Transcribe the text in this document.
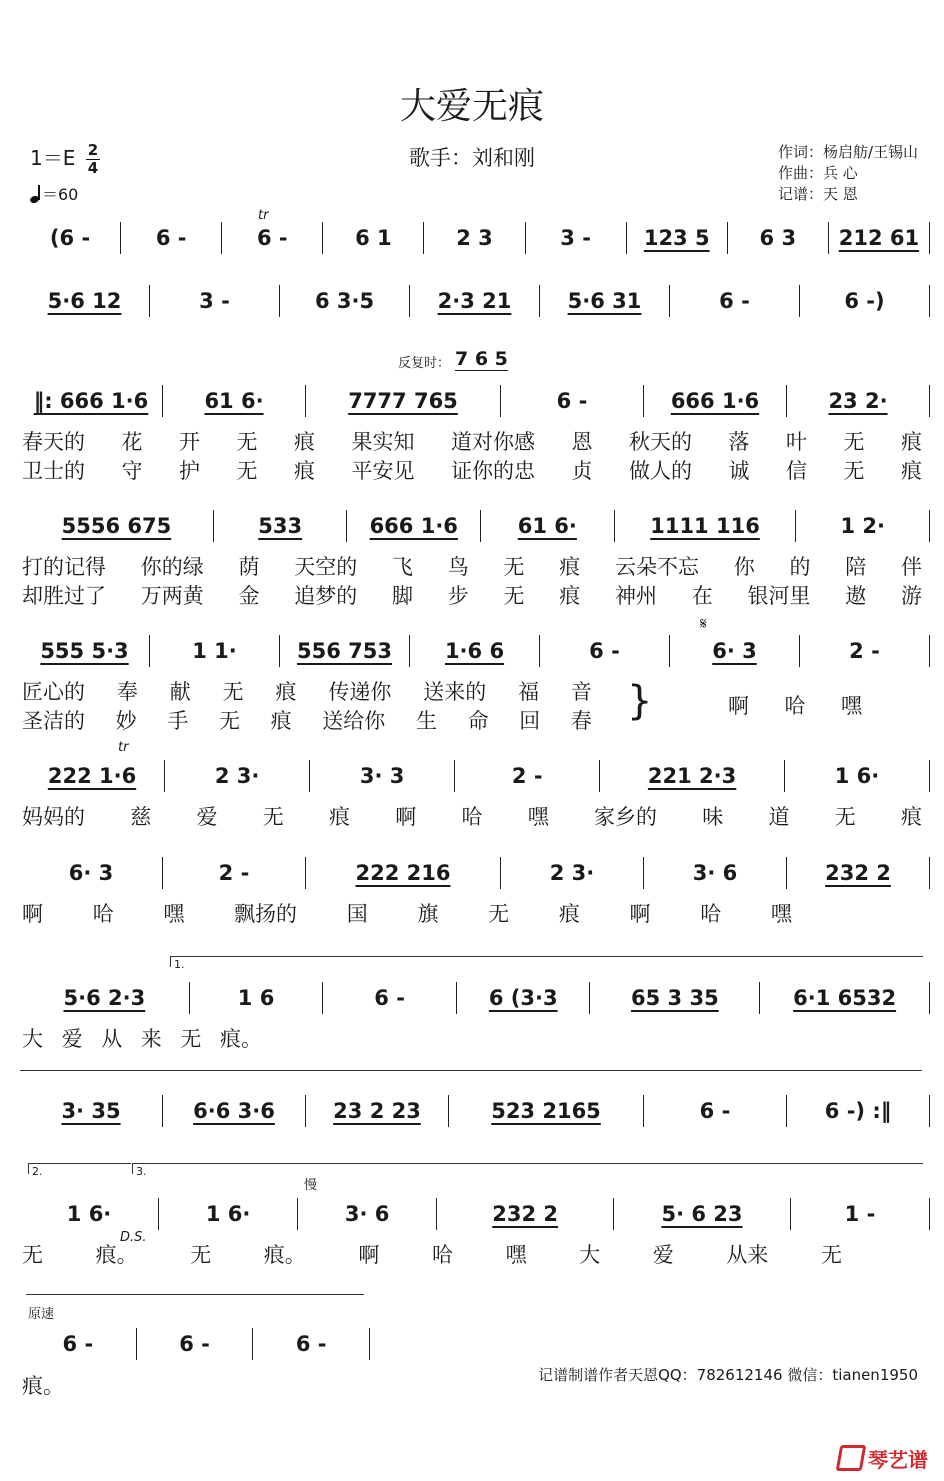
大爱无痕
歌手：刘和刚
$1=E \frac{2}{4}$
＝60
作词：杨启舫/王锡山
作曲：兵 心
记谱：天 恩
(6 -	6 -	6 -	6 1	2 3	3 -	123 5	6 3	212 61
tr
5·6 12	3 -	6 3·5	2·3 21	5·6 31	6 -	6 -)
反复时： 7 6 5
‖: 666 1·6	61 6·	7777 765	6 -	666 1·6	23 2·
春天的 花 开 无 痕 果实知 道对你感 恩 秋天的 落 叶 无 痕
卫士的 守 护 无 痕 平安见 证你的忠 贞 做人的 诚 信 无 痕
5556 675	533	666 1·6	61 6·	1111 116	1 2·
打的记得 你的绿 荫 天空的 飞 鸟 无 痕 云朵不忘 你 的 陪 伴
却胜过了 万两黄 金 追梦的 脚 步 无 痕 神州 在 银河里 遨 游
𝄋
555 5·3	1 1·	556 753	1·6 6	6 -	6· 3	2 -
匠心的 奉 献 无 痕 传递你 送来的 福 音
圣洁的 妙 手 无 痕 送给你 生 命 回 春 }	啊 哈 嘿
tr
222 1·6	2 3·	3· 3	2 -	221 2·3	1 6·
妈妈的 慈 爱 无 痕 啊 哈 嘿 家乡的 味 道 无 痕
6· 3	2 -	222 216	2 3·	3· 6	232 2
啊 哈 嘿 飘扬的 国 旗 无 痕 啊 哈 嘿
1.
5·6 2·3	1 6	6 -	6 (3·3	65 3 35	6·1 6532
大 爱 从 来 无 痕。
3· 35	6·6 3·6	23 2 23	523 2165	6 -	6 -) :‖
2.	3.
慢
1 6·	1 6·	3· 6	232 2	5· 6 23	1 -
D.S.
无	痕。	无	痕。	啊	哈	嘿	大	爱	从来	无
原速
6 -	6 -	6 -
痕。	记谱制谱作者天恩QQ：782612146 微信：tianen1950
琴艺谱
